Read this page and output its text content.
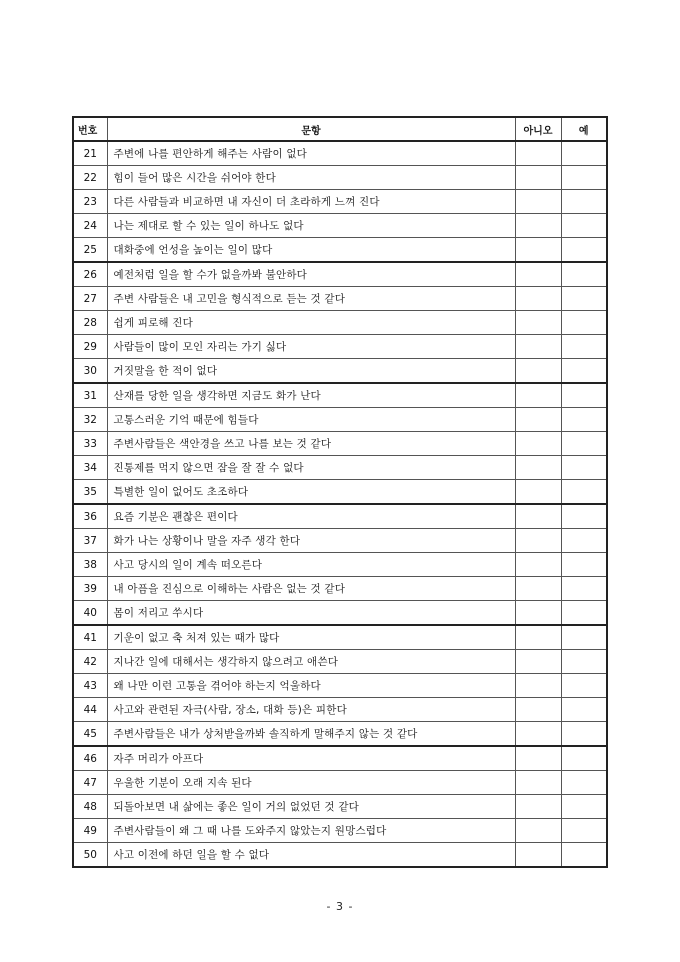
번호	문항	아니오	예
21	주변에 나를 편안하게 해주는 사람이 없다		
22	힘이 들어 많은 시간을 쉬어야 한다		
23	다른 사람들과 비교하면 내 자신이 더 초라하게 느껴 진다		
24	나는 제대로 할 수 있는 일이 하나도 없다		
25	대화중에 언성을 높이는 일이 많다		
26	예전처럼 일을 할 수가 없을까봐 불안하다		
27	주변 사람들은 내 고민을 형식적으로 듣는 것 같다		
28	쉽게 피로해 진다		
29	사람들이 많이 모인 자리는 가기 싫다		
30	거짓말을 한 적이 없다		
31	산재를 당한 일을 생각하면 지금도 화가 난다		
32	고통스러운 기억 때문에 힘들다		
33	주변사람들은 색안경을 쓰고 나를 보는 것 같다		
34	진통제를 먹지 않으면 잠을 잘 잘 수 없다		
35	특별한 일이 없어도 초조하다		
36	요즘 기분은 괜찮은 편이다		
37	화가 나는 상황이나 말을 자주 생각 한다		
38	사고 당시의 일이 계속 떠오른다		
39	내 아픔을 진심으로 이해하는 사람은 없는 것 같다		
40	몸이 저리고 쑤시다		
41	기운이 없고 축 처져 있는 때가 많다		
42	지나간 일에 대해서는 생각하지 않으려고 애쓴다		
43	왜 나만 이런 고통을 겪어야 하는지 억울하다		
44	사고와 관련된 자극(사람, 장소, 대화 등)은 피한다		
45	주변사람들은 내가 상처받을까봐 솔직하게 말해주지 않는 것 같다		
46	자주 머리가 아프다		
47	우울한 기분이 오래 지속 된다		
48	되돌아보면 내 삶에는 좋은 일이 거의 없었던 것 같다		
49	주변사람들이 왜 그 때 나를 도와주지 않았는지 원망스럽다		
50	사고 이전에 하던 일을 할 수 없다		
- 3 -
